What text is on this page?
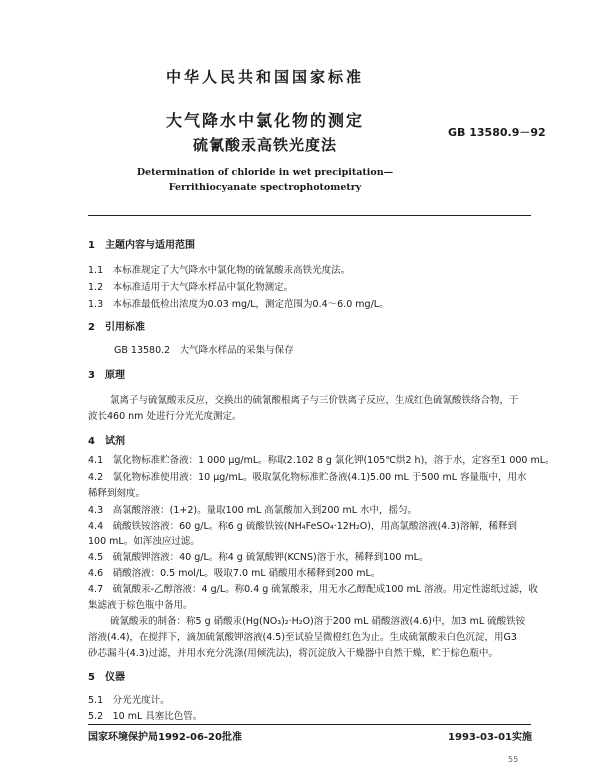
中华人民共和国国家标准
大气降水中氯化物的测定
硫氰酸汞高铁光度法
GB 13580.9－92
Determination of chloride in wet precipitation—
Ferrithiocyanate spectrophotometry
1　主题内容与适用范围
1.1　本标准规定了大气降水中氯化物的硫氰酸汞高铁光度法。
1.2　本标准适用于大气降水样品中氯化物测定。
1.3　本标准最低检出浓度为0.03 mg/L，测定范围为0.4～6.0 mg/L。
2　引用标准
GB 13580.2　大气降水样品的采集与保存
3　原理
氯离子与硫氰酸汞反应，交换出的硫氰酸根离子与三价铁离子反应，生成红色硫氰酸铁络合物，于
波长460 nm 处进行分光光度测定。
4　试剂
4.1　氯化物标准贮备液：1 000 μg/mL。称取2.102 8 g 氯化钾(105℃烘2 h)，溶于水，定容至1 000 mL。
4.2　氯化物标准使用液：10 μg/mL。吸取氯化物标准贮备液(4.1)5.00 mL 于500 mL 容量瓶中，用水
稀释到刻度。
4.3　高氯酸溶液：(1+2)。量取100 mL 高氯酸加入到200 mL 水中，摇匀。
4.4　硫酸铁铵溶液：60 g/L。称6 g 硫酸铁铵(NH₄FeSO₄·12H₂O)，用高氯酸溶液(4.3)溶解，稀释到
100 mL。如浑浊应过滤。
4.5　硫氰酸钾溶液：40 g/L。称4 g 硫氰酸钾(KCNS)溶于水，稀释到100 mL。
4.6　硝酸溶液：0.5 mol/L。吸取7.0 mL 硝酸用水稀释到200 mL。
4.7　硫氰酸汞-乙醇溶液：4 g/L。称0.4 g 硫氰酸汞，用无水乙醇配成100 mL 溶液。用定性滤纸过滤，收
集滤液于棕色瓶中备用。
硫氰酸汞的制备：称5 g 硝酸汞(Hg(NO₃)₂·H₂O)溶于200 mL 硝酸溶液(4.6)中，加3 mL 硫酸铁铵
溶液(4.4)，在搅拌下，滴加硫氰酸钾溶液(4.5)至试验呈微橙红色为止。生成硫氰酸汞白色沉淀，用G3
砂芯漏斗(4.3)过滤，并用水充分洗涤(用倾洗法)，将沉淀放入干燥器中自然干燥，贮于棕色瓶中。
5　仪器
5.1　分光光度计。
5.2　10 mL 具塞比色管。
国家环境保护局1992-06-20批准	1993-03-01实施
55
